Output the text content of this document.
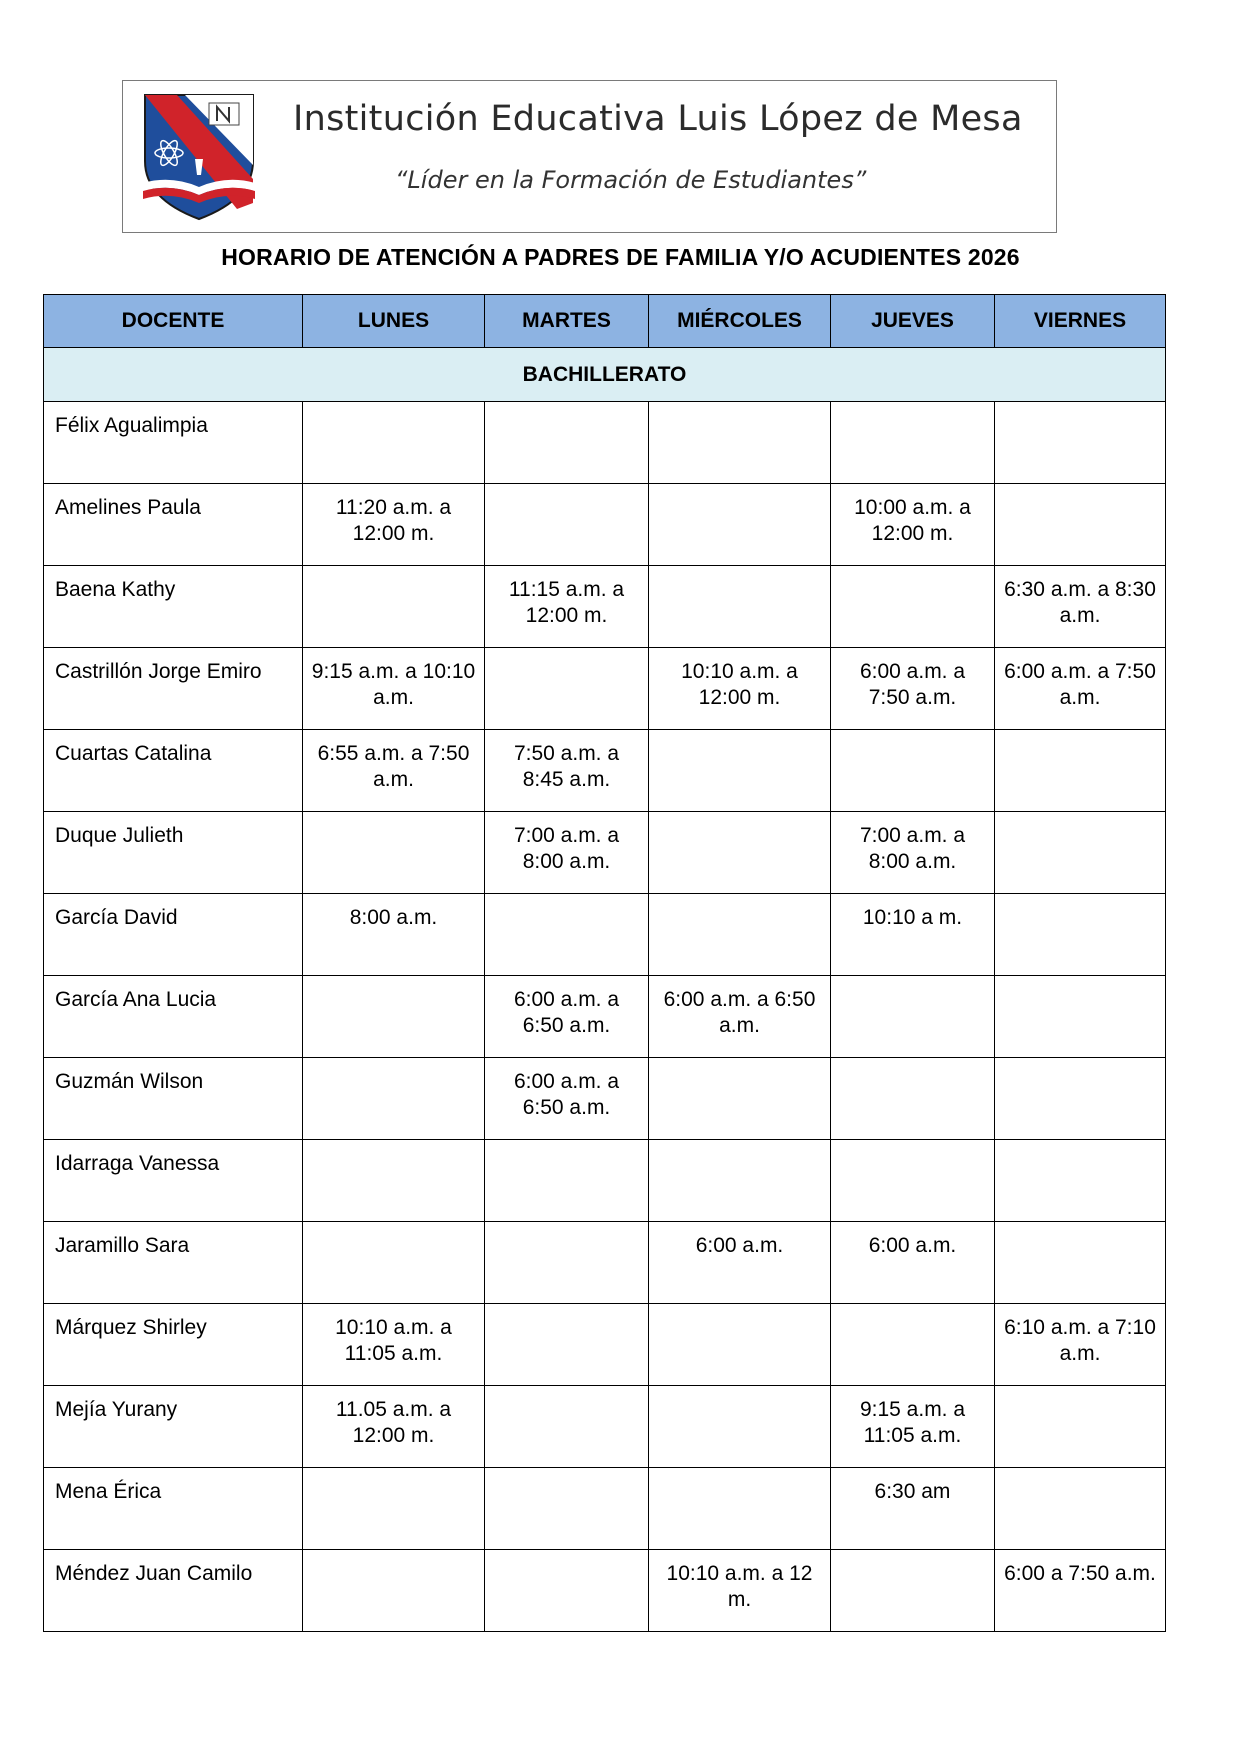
Institución Educativa Luis López de Mesa
“Líder en la Formación de Estudiantes”
HORARIO DE ATENCIÓN A PADRES DE FAMILIA Y/O ACUDIENTES 2026
DOCENTE	LUNES	MARTES	MIÉRCOLES	JUEVES	VIERNES
BACHILLERATO					
Félix Agualimpia					
Amelines Paula	11:20 a.m. a 12:00 m.			10:00 a.m. a 12:00 m.	
Baena Kathy		11:15 a.m. a 12:00 m.			6:30 a.m. a 8:30 a.m.
Castrillón Jorge Emiro	9:15 a.m. a 10:10 a.m.		10:10 a.m. a 12:00 m.	6:00 a.m. a 7:50 a.m.	6:00 a.m. a 7:50 a.m.
Cuartas Catalina	6:55 a.m. a 7:50 a.m.	7:50 a.m. a 8:45 a.m.			
Duque Julieth		7:00 a.m. a 8:00 a.m.		7:00 a.m. a 8:00 a.m.	
García David	8:00 a.m.			10:10 a m.	
García Ana Lucia		6:00 a.m. a 6:50 a.m.	6:00 a.m. a 6:50 a.m.		
Guzmán Wilson		6:00 a.m. a 6:50 a.m.			
Idarraga Vanessa					
Jaramillo Sara			6:00 a.m.	6:00 a.m.	
Márquez Shirley	10:10 a.m. a 11:05 a.m.				6:10 a.m. a 7:10 a.m.
Mejía Yurany	11.05 a.m. a 12:00 m.			9:15 a.m. a 11:05 a.m.	
Mena Érica				6:30 am	
Méndez Juan Camilo			10:10 a.m. a 12 m.		6:00 a 7:50 a.m.
